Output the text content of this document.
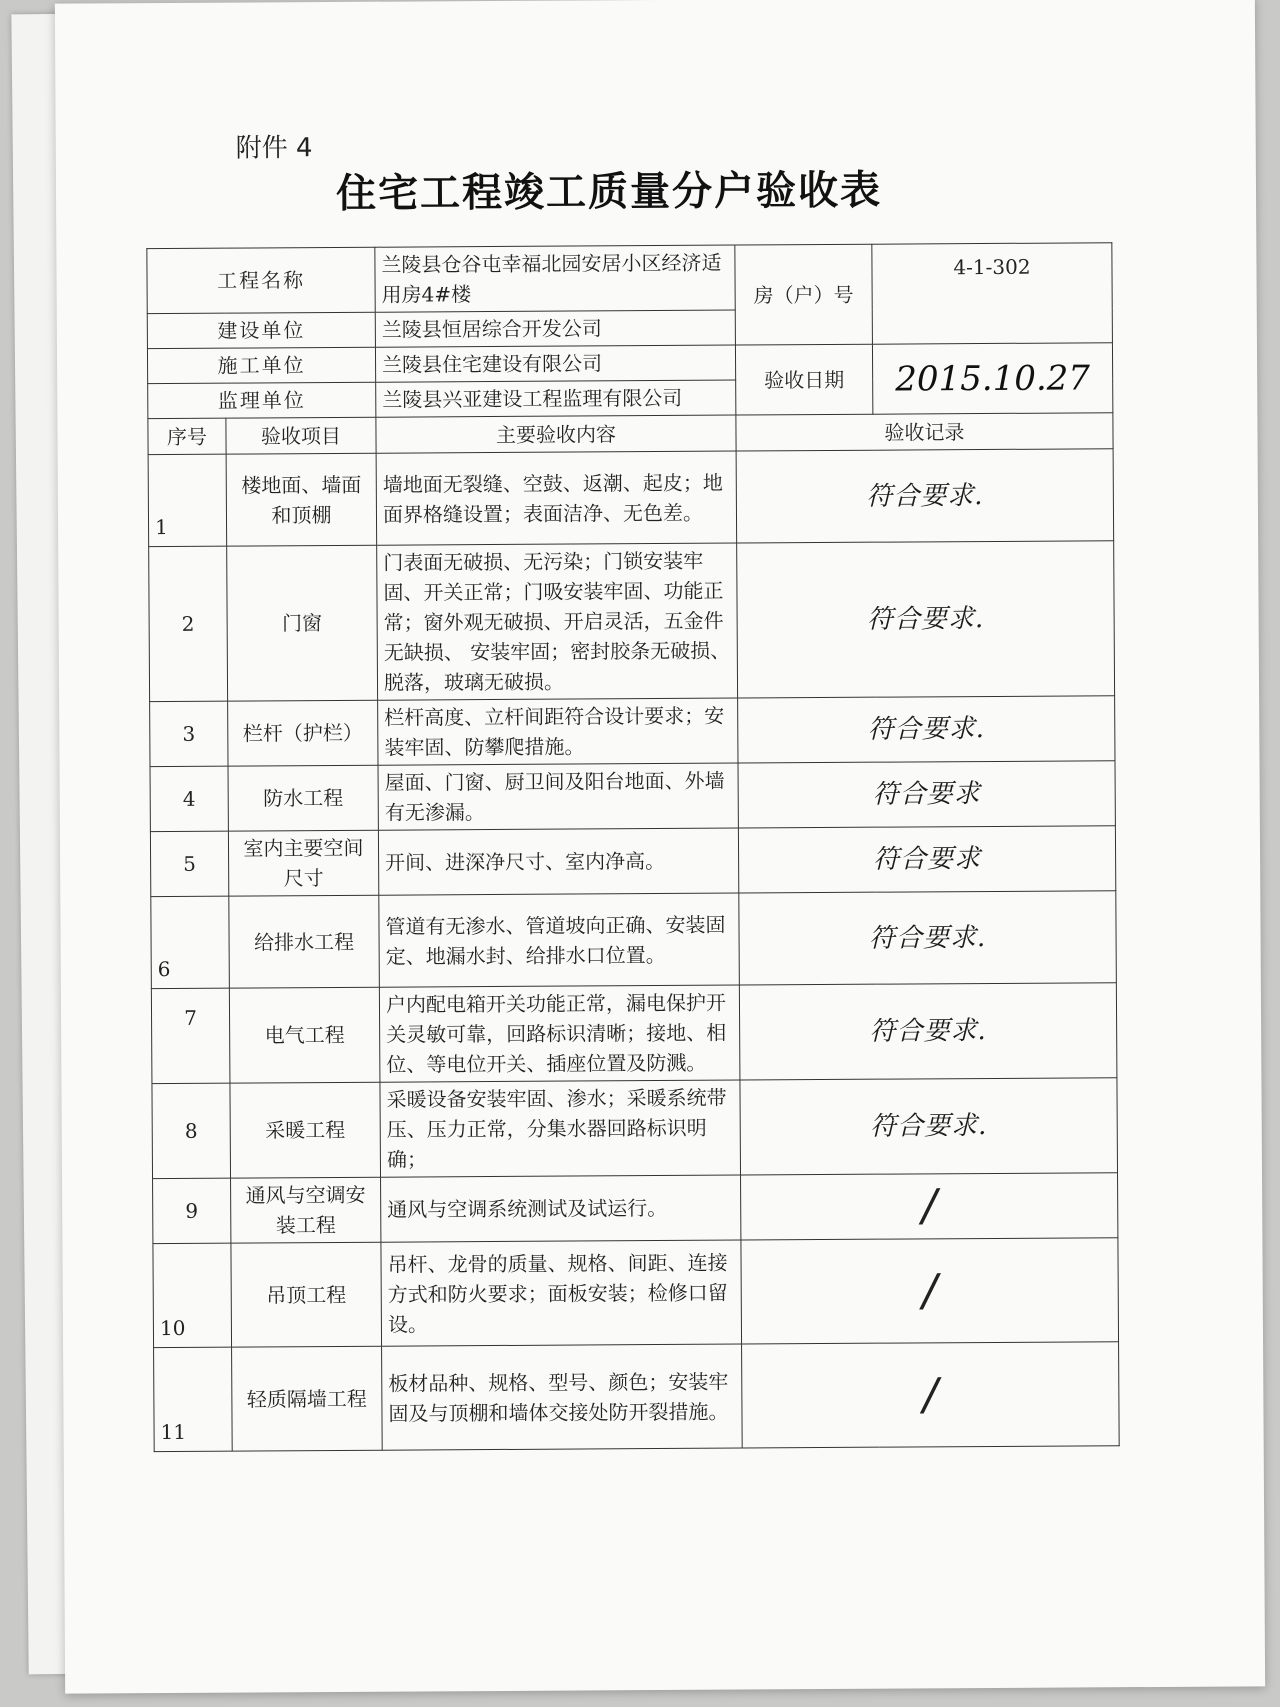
附件 4
住宅工程竣工质量分户验收表
工程名称		兰陵县仓谷屯幸福北园安居小区经济适用房4#楼	房（户）号	4-1-302
建设单位		兰陵县恒居综合开发公司		
施工单位		兰陵县住宅建设有限公司	验收日期	2015.10.27
监理单位		兰陵县兴亚建设工程监理有限公司		
序号	验收项目	主要验收内容	验收记录	
1	楼地面、墙面和顶棚	墙地面无裂缝、空鼓、返潮、起皮；地面界格缝设置；表面洁净、无色差。	符合要求.	
2	门窗	门表面无破损、无污染；门锁安装牢固、开关正常；门吸安装牢固、功能正常；窗外观无破损、开启灵活，五金件无缺损、 安装牢固；密封胶条无破损、脱落，玻璃无破损。	符合要求.	
3	栏杆（护栏）	栏杆高度、立杆间距符合设计要求；安装牢固、防攀爬措施。	符合要求.	
4	防水工程	屋面、门窗、厨卫间及阳台地面、外墙有无渗漏。	符合要求	
5	室内主要空间尺寸	开间、进深净尺寸、室内净高。	符合要求	
6	给排水工程	管道有无渗水、管道坡向正确、安装固定、地漏水封、给排水口位置。	符合要求.	
7	电气工程	户内配电箱开关功能正常，漏电保护开关灵敏可靠，回路标识清晰；接地、相位、等电位开关、插座位置及防溅。	符合要求.	
8	采暖工程	采暖设备安装牢固、渗水；采暖系统带压、压力正常，分集水器回路标识明确；	符合要求.	
9	通风与空调安装工程	通风与空调系统测试及试运行。	/	
10	吊顶工程	吊杆、龙骨的质量、规格、间距、连接方式和防火要求；面板安装；检修口留设。	/	
11	轻质隔墙工程	板材品种、规格、型号、颜色；安装牢固及与顶棚和墙体交接处防开裂措施。	/	
